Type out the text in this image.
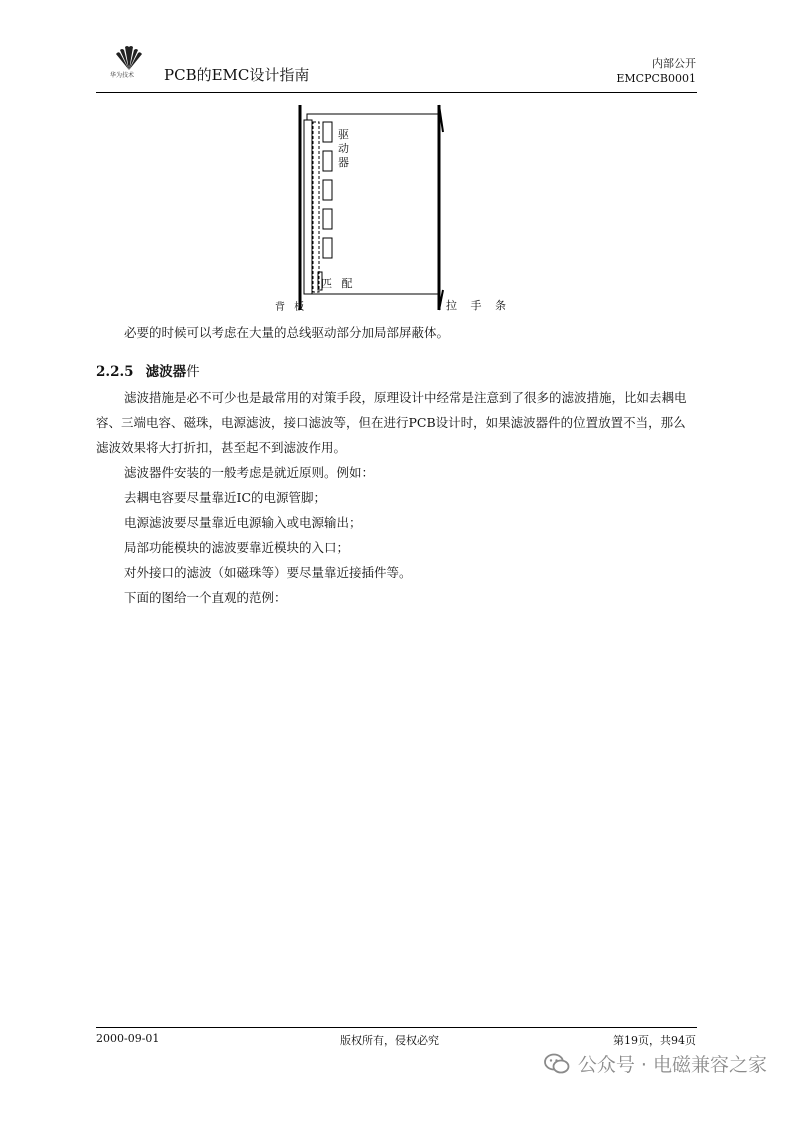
华为技术 PCB的EMC设计指南
内部公开
EMCPCB0001
驱
动
器
匹 配
背 板	拉 手 条

必要的时候可以考虑在大量的总线驱动部分加局部屏蔽体。

2.2.5 滤波器件

滤波措施是必不可少也是最常用的对策手段，原理设计中经常是注意到了很多的滤波措施，比如去耦电容、三端电容、磁珠，电源滤波，接口滤波等，但在进行PCB设计时，如果滤波器件的位置放置不当，那么滤波效果将大打折扣，甚至起不到滤波作用。

滤波器件安装的一般考虑是就近原则。例如：

去耦电容要尽量靠近IC的电源管脚；

电源滤波要尽量靠近电源输入或电源输出；

局部功能模块的滤波要靠近模块的入口；

对外接口的滤波（如磁珠等）要尽量靠近接插件等。

下面的图给一个直观的范例：

2000-09-01	版权所有，侵权必究	第19页，共94页
公众号 · 电磁兼容之家
